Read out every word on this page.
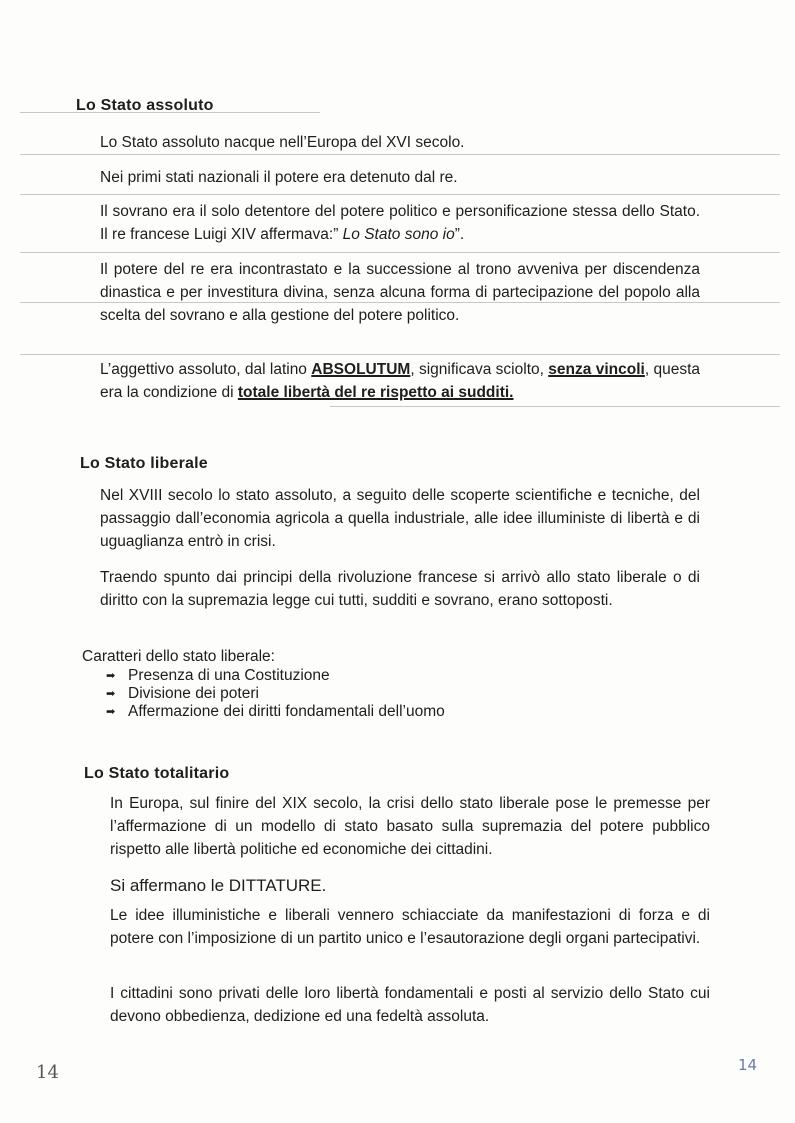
Lo Stato assoluto

Lo Stato assoluto nacque nell’Europa del XVI secolo.

Nei primi stati nazionali il potere era detenuto dal re.

Il sovrano era il solo detentore del potere politico e personificazione stessa dello Stato. Il re francese Luigi XIV affermava:” Lo Stato sono io”.

Il potere del re era incontrastato e la successione al trono avveniva per discendenza dinastica e per investitura divina, senza alcuna forma di partecipazione del popolo alla scelta del sovrano e alla gestione del potere politico.

L’aggettivo assoluto, dal latino ABSOLUTUM, significava sciolto, senza vincoli, questa era la condizione di totale libertà del re rispetto ai sudditi.

Lo Stato liberale

Nel XVIII secolo lo stato assoluto, a seguito delle scoperte scientifiche e tecniche, del passaggio dall’economia agricola a quella industriale, alle idee illuministe di libertà e di uguaglianza entrò in crisi.

Traendo spunto dai principi della rivoluzione francese si arrivò allo stato liberale o di diritto con la supremazia legge cui tutti, sudditi e sovrano, erano sottoposti.

Caratteri dello stato liberale:

➡ Presenza di una Costituzione
➡ Divisione dei poteri
➡ Affermazione dei diritti fondamentali dell’uomo
Lo Stato totalitario

In Europa, sul finire del XIX secolo, la crisi dello stato liberale pose le premesse per l’affermazione di un modello di stato basato sulla supremazia del potere pubblico rispetto alle libertà politiche ed economiche dei cittadini.

Si affermano le DITTATURE.

Le idee illuministiche e liberali vennero schiacciate da manifestazioni di forza e di potere con l’imposizione di un partito unico e l’esautorazione degli organi partecipativi.

I cittadini sono privati delle loro libertà fondamentali e posti al servizio dello Stato cui devono obbedienza, dedizione ed una fedeltà assoluta.

14	14
